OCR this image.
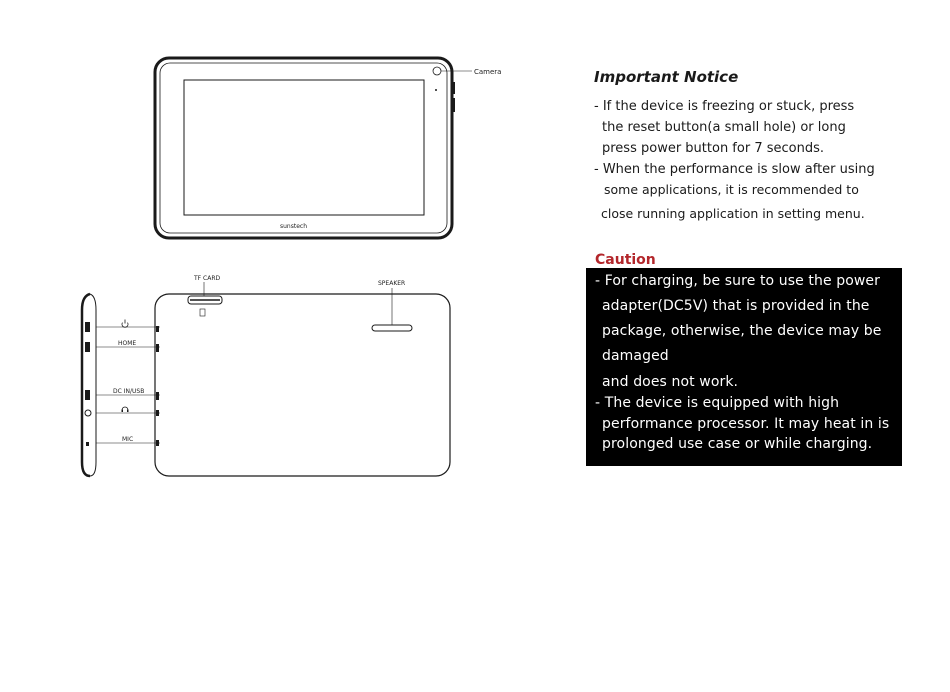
Camera
sunstech
TF CARD
SPEAKER
HOME
DC IN/USB
MIC
Important Notice
- If the device is freezing or stuck, press
the reset button(a small hole) or long
press power button for 7 seconds.
- When the performance is slow after using
some applications, it is recommended to
close running application in setting menu.
Caution
- For charging, be sure to use the power
adapter(DC5V) that is provided in the
package, otherwise, the device may be
damaged
and does not work.
- The device is equipped with high
performance processor. It may heat in is
prolonged use case or while charging.
